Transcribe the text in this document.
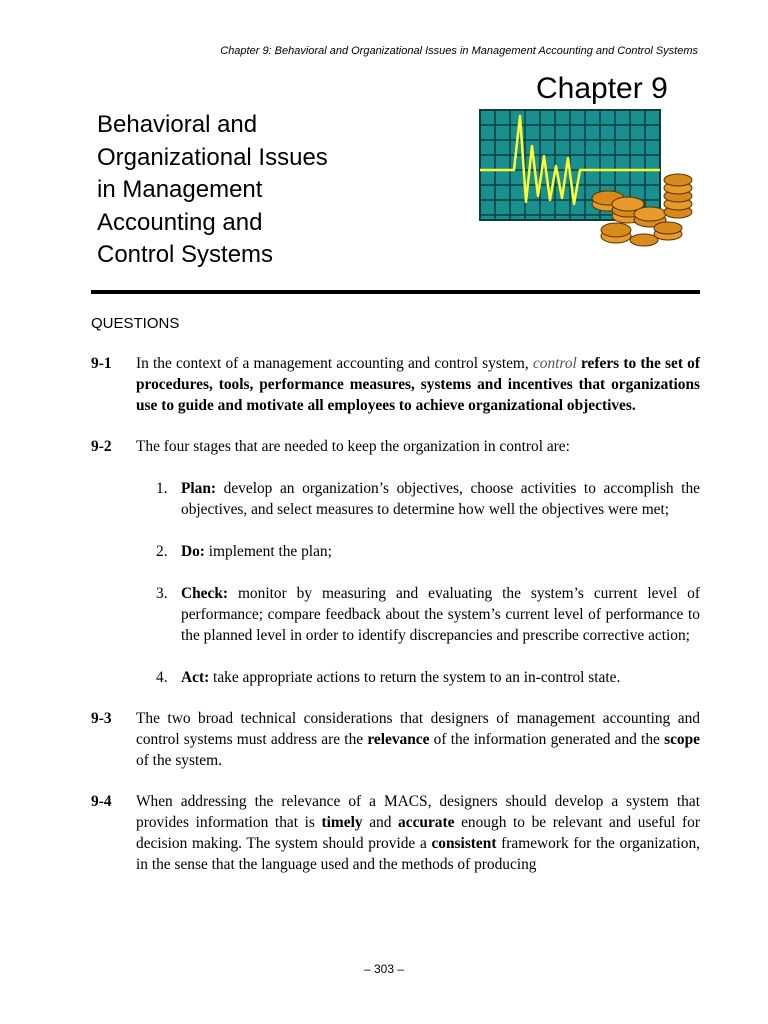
Chapter 9: Behavioral and Organizational Issues in Management Accounting and Control Systems
Chapter 9
Behavioral and
Organizational Issues
in Management
Accounting and
Control Systems
QUESTIONS
9-1	In the context of a management accounting and control system, control refers to the set of procedures, tools, performance measures, systems and incentives that organizations use to guide and motivate all employees to achieve organizational objectives.
9-2	The four stages that are needed to keep the organization in control are:
1. Plan: develop an organization’s objectives, choose activities to accomplish the objectives, and select measures to determine how well the objectives were met;
2. Do: implement the plan;
3. Check: monitor by measuring and evaluating the system’s current level of performance; compare feedback about the system’s current level of performance to the planned level in order to identify discrepancies and prescribe corrective action;
4. Act: take appropriate actions to return the system to an in-control state.
9-3	The two broad technical considerations that designers of management accounting and control systems must address are the relevance of the information generated and the scope of the system.
9-4	When addressing the relevance of a MACS, designers should develop a system that provides information that is timely and accurate enough to be relevant and useful for decision making. The system should provide a consistent framework for the organization, in the sense that the language used and the methods of producing
– 303 –
